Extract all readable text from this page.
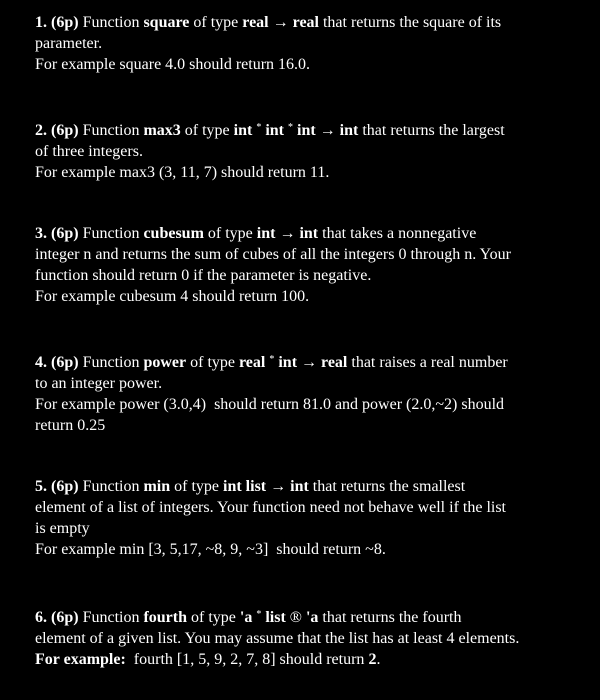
1. (6p) Function square of type real → real that returns the square of its
parameter.
For example square 4.0 should return 16.0.
2. (6p) Function max3 of type int * int * int → int that returns the largest
of three integers.
For example max3 (3, 11, 7) should return 11.
3. (6p) Function cubesum of type int → int that takes a nonnegative
integer n and returns the sum of cubes of all the integers 0 through n. Your
function should return 0 if the parameter is negative.
For example cubesum 4 should return 100.
4. (6p) Function power of type real * int → real that raises a real number
to an integer power.
For example power (3.0,4)  should return 81.0 and power (2.0,~2) should
return 0.25
5. (6p) Function min of type int list → int that returns the smallest
element of a list of integers. Your function need not behave well if the list
is empty
For example min [3, 5,17, ~8, 9, ~3]  should return ~8.
6. (6p) Function fourth of type 'a * list ® 'a that returns the fourth
element of a given list. You may assume that the list has at least 4 elements.
For example: fourth [1, 5, 9, 2, 7, 8] should return 2.
